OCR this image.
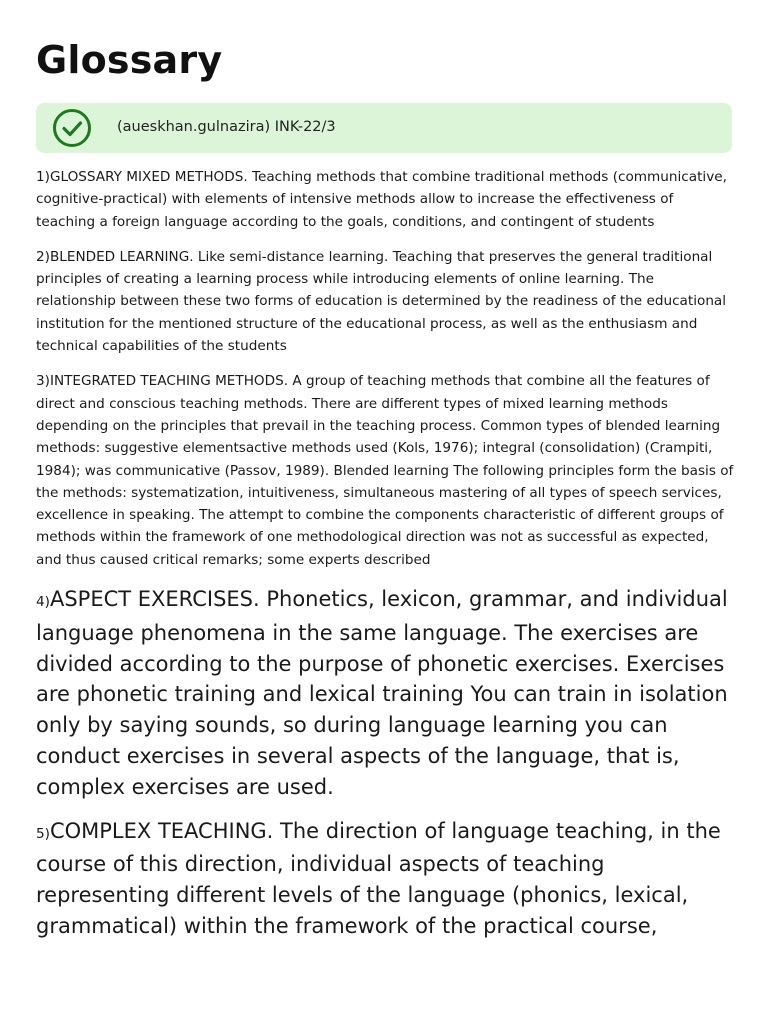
Glossary
(aueskhan.gulnazira) INK-22/3

1)GLOSSARY MIXED METHODS. Teaching methods that combine traditional methods (communicative, cognitive-practical) with elements of intensive methods allow to increase the effectiveness of teaching a foreign language according to the goals, conditions, and contingent of students

2)BLENDED LEARNING. Like semi-distance learning. Teaching that preserves the general traditional principles of creating a learning process while introducing elements of online learning. The relationship between these two forms of education is determined by the readiness of the educational institution for the mentioned structure of the educational process, as well as the enthusiasm and technical capabilities of the students

3)INTEGRATED TEACHING METHODS. A group of teaching methods that combine all the features of direct and conscious teaching methods. There are different types of mixed learning methods depending on the principles that prevail in the teaching process. Common types of blended learning methods: suggestive elementsactive methods used (Kols, 1976); integral (consolidation) (Crampiti, 1984); was communicative (Passov, 1989). Blended learning The following principles form the basis of the methods: systematization, intuitiveness, simultaneous mastering of all types of speech services, excellence in speaking. The attempt to combine the components characteristic of different groups of methods within the framework of one methodological direction was not as successful as expected, and thus caused critical remarks; some experts described

4)ASPECT EXERCISES. Phonetics, lexicon, grammar, and individual language phenomena in the same language. The exercises are divided according to the purpose of phonetic exercises. Exercises are phonetic training and lexical training You can train in isolation only by saying sounds, so during language learning you can conduct exercises in several aspects of the language, that is, complex exercises are used.

5)COMPLEX TEACHING. The direction of language teaching, in the course of this direction, individual aspects of teaching representing different levels of the language (phonics, lexical, grammatical) within the framework of the practical course,
